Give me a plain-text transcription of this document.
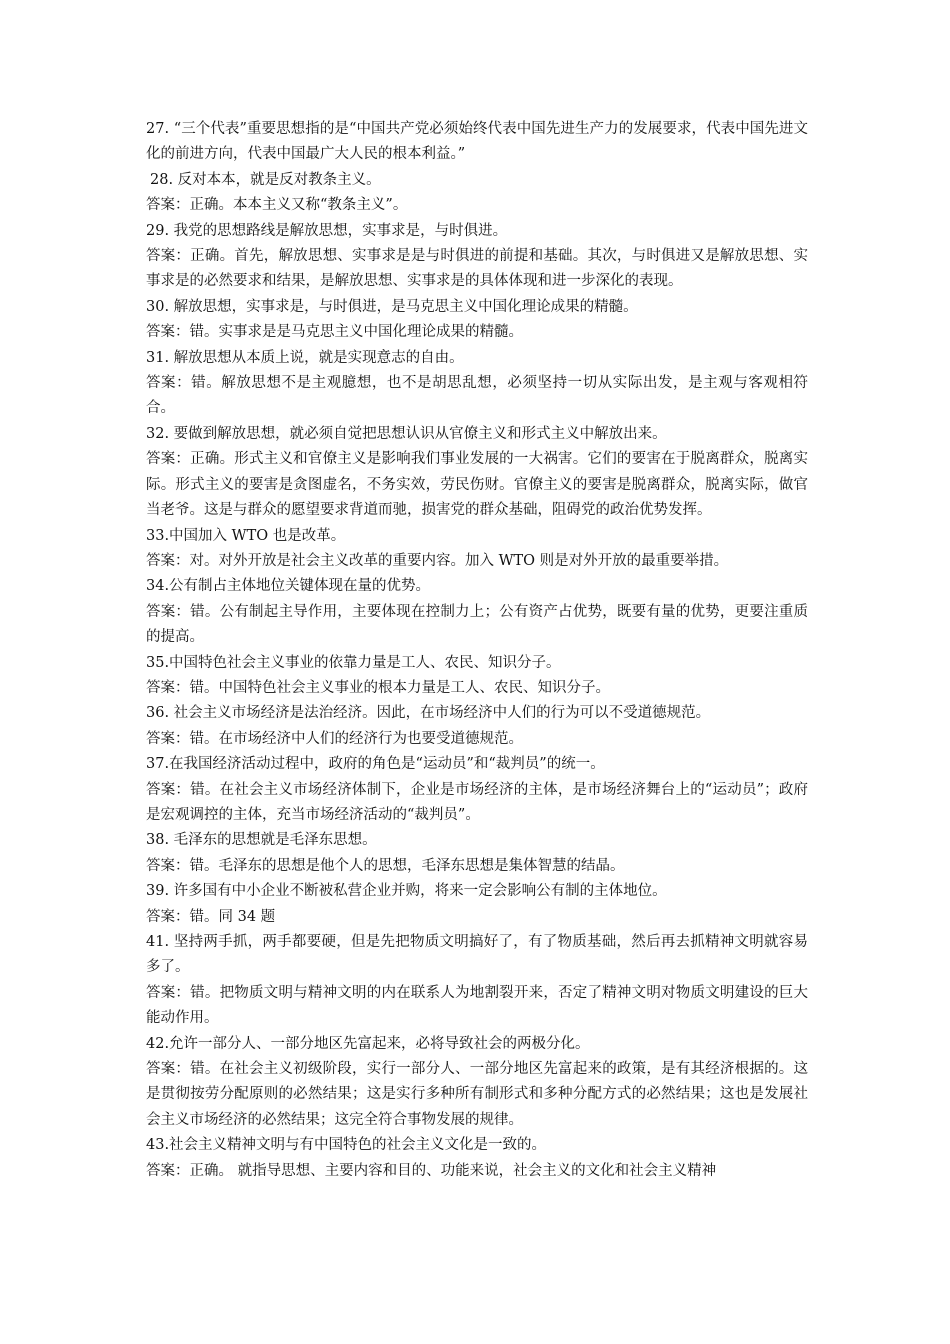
27. “三个代表”重要思想指的是“中国共产党必须始终代表中国先进生产力的发展要求，代表中国先进文化的前进方向，代表中国最广大人民的根本利益。”

28. 反对本本，就是反对教条主义。

答案：正确。本本主义又称“教条主义”。

29. 我党的思想路线是解放思想，实事求是，与时俱进。

答案：正确。首先，解放思想、实事求是是与时俱进的前提和基础。其次，与时俱进又是解放思想、实事求是的必然要求和结果，是解放思想、实事求是的具体体现和进一步深化的表现。

30. 解放思想，实事求是，与时俱进，是马克思主义中国化理论成果的精髓。

答案：错。实事求是是马克思主义中国化理论成果的精髓。

31. 解放思想从本质上说，就是实现意志的自由。

答案：错。解放思想不是主观臆想，也不是胡思乱想，必须坚持一切从实际出发，是主观与客观相符合。

32. 要做到解放思想，就必须自觉把思想认识从官僚主义和形式主义中解放出来。

答案：正确。形式主义和官僚主义是影响我们事业发展的一大祸害。它们的要害在于脱离群众，脱离实际。形式主义的要害是贪图虚名，不务实效，劳民伤财。官僚主义的要害是脱离群众，脱离实际，做官当老爷。这是与群众的愿望要求背道而驰，损害党的群众基础，阻碍党的政治优势发挥。

33.中国加入 WTO 也是改革。

答案：对。对外开放是社会主义改革的重要内容。加入 WTO 则是对外开放的最重要举措。

34.公有制占主体地位关键体现在量的优势。

答案：错。公有制起主导作用，主要体现在控制力上；公有资产占优势，既要有量的优势，更要注重质的提高。

35.中国特色社会主义事业的依靠力量是工人、农民、知识分子。

答案：错。中国特色社会主义事业的根本力量是工人、农民、知识分子。

36. 社会主义市场经济是法治经济。因此，在市场经济中人们的行为可以不受道德规范。

答案：错。在市场经济中人们的经济行为也要受道德规范。

37.在我国经济活动过程中，政府的角色是“运动员”和“裁判员”的统一。

答案：错。在社会主义市场经济体制下，企业是市场经济的主体，是市场经济舞台上的“运动员”；政府是宏观调控的主体，充当市场经济活动的“裁判员”。

38. 毛泽东的思想就是毛泽东思想。

答案：错。毛泽东的思想是他个人的思想，毛泽东思想是集体智慧的结晶。

39. 许多国有中小企业不断被私营企业并购，将来一定会影响公有制的主体地位。

答案：错。同 34 题

41. 坚持两手抓，两手都要硬，但是先把物质文明搞好了，有了物质基础，然后再去抓精神文明就容易多了。

答案：错。把物质文明与精神文明的内在联系人为地割裂开来，否定了精神文明对物质文明建设的巨大能动作用。

42.允许一部分人、一部分地区先富起来，必将导致社会的两极分化。

答案：错。在社会主义初级阶段，实行一部分人、一部分地区先富起来的政策，是有其经济根据的。这是贯彻按劳分配原则的必然结果；这是实行多种所有制形式和多种分配方式的必然结果；这也是发展社会主义市场经济的必然结果；这完全符合事物发展的规律。

43.社会主义精神文明与有中国特色的社会主义文化是一致的。

答案：正确。 就指导思想、主要内容和目的、功能来说，社会主义的文化和社会主义精神
